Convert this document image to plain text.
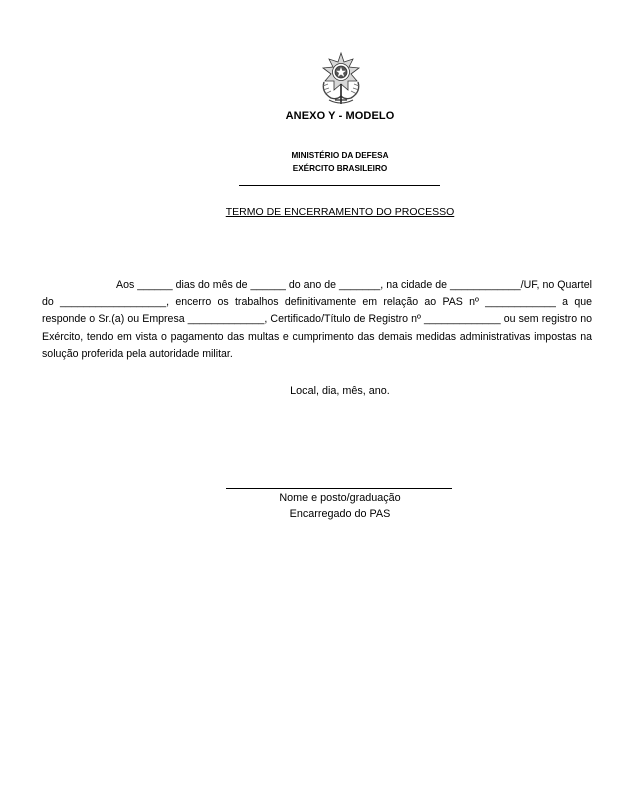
ANEXO Y - MODELO
MINISTÉRIO DA DEFESA
EXÉRCITO BRASILEIRO
TERMO DE ENCERRAMENTO DO PROCESSO
Aos ______ dias do mês de ______ do ano de _______, na cidade de ____________/UF, no Quartel do __________________, encerro os trabalhos definitivamente em relação ao PAS nº ____________ a que responde o Sr.(a) ou Empresa _____________, Certificado/Título de Registro nº _____________ ou sem registro no Exército, tendo em vista o pagamento das multas e cumprimento das demais medidas administrativas impostas na solução proferida pela autoridade militar.
Local, dia, mês, ano.
Nome e posto/graduação
Encarregado do PAS
